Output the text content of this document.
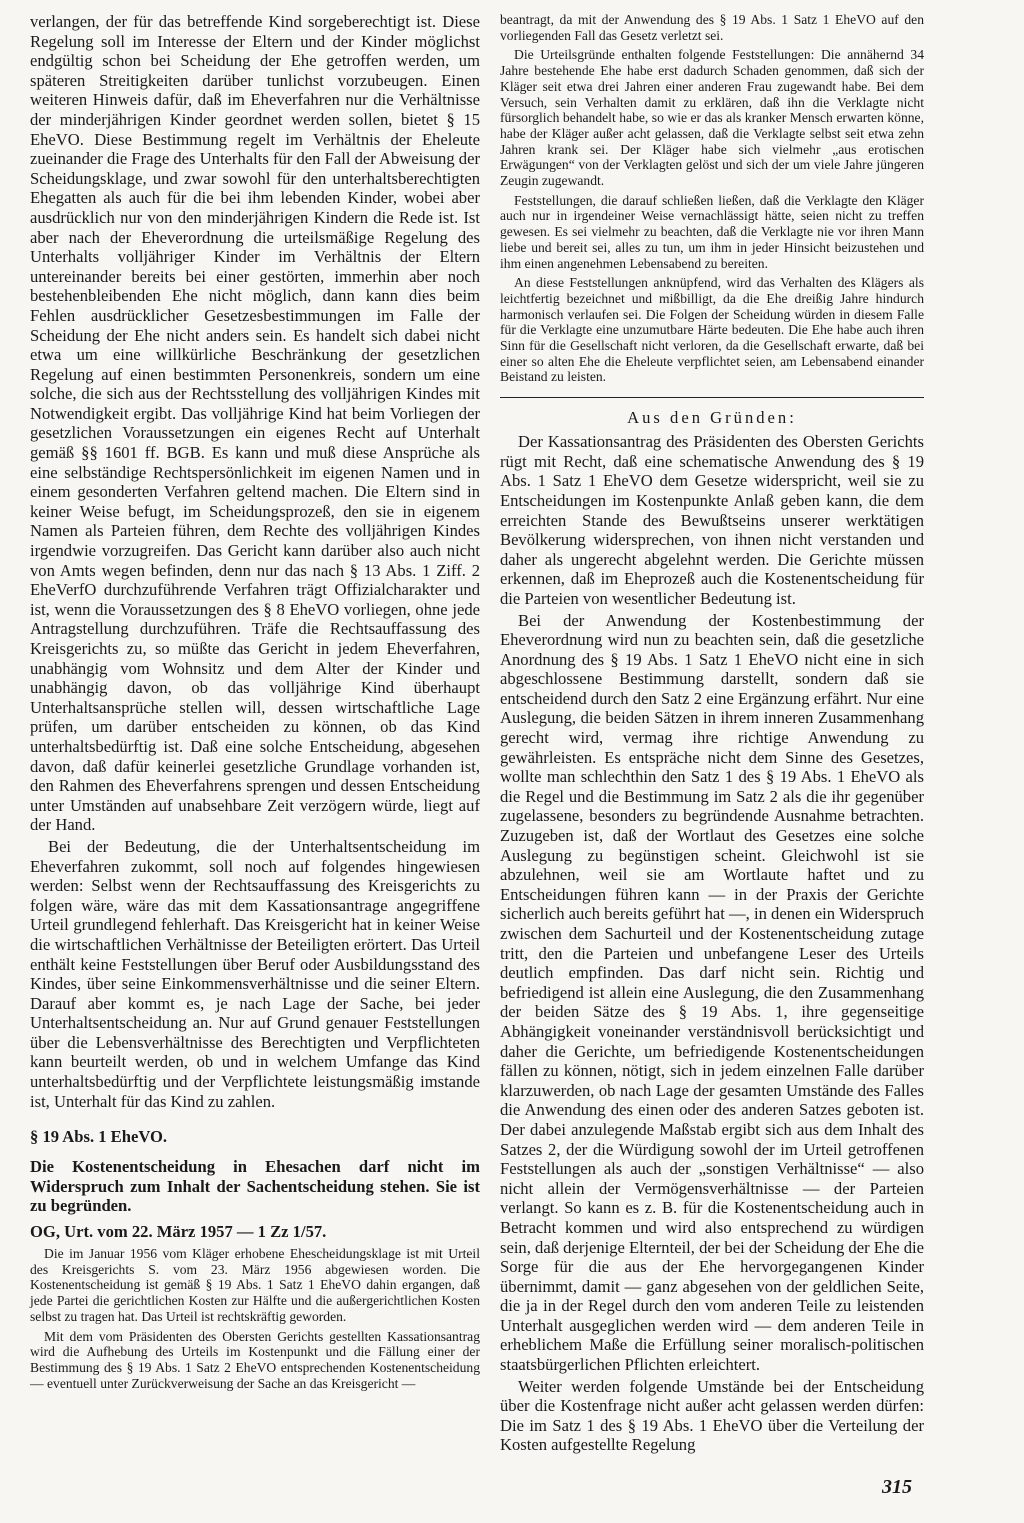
verlangen, der für das betreffende Kind sorgeberechtigt ist. Diese Regelung soll im Interesse der Eltern und der Kinder möglichst endgültig schon bei Scheidung der Ehe getroffen werden, um späteren Streitigkeiten darüber tunlichst vorzubeugen. Einen weiteren Hinweis dafür, daß im Eheverfahren nur die Verhältnisse der minderjährigen Kinder geordnet werden sollen, bietet § 15 EheVO. Diese Bestimmung regelt im Verhältnis der Eheleute zueinander die Frage des Unterhalts für den Fall der Abweisung der Scheidungsklage, und zwar sowohl für den unterhaltsberechtigten Ehegatten als auch für die bei ihm lebenden Kinder, wobei aber ausdrücklich nur von den minderjährigen Kindern die Rede ist. Ist aber nach der Eheverordnung die urteilsmäßige Regelung des Unterhalts volljähriger Kinder im Verhältnis der Eltern untereinander bereits bei einer gestörten, immerhin aber noch bestehenbleibenden Ehe nicht möglich, dann kann dies beim Fehlen ausdrücklicher Gesetzesbestimmungen im Falle der Scheidung der Ehe nicht anders sein. Es handelt sich dabei nicht etwa um eine willkürliche Beschränkung der gesetzlichen Regelung auf einen bestimmten Personenkreis, sondern um eine solche, die sich aus der Rechtsstellung des volljährigen Kindes mit Notwendigkeit ergibt. Das volljährige Kind hat beim Vorliegen der gesetzlichen Voraussetzungen ein eigenes Recht auf Unterhalt gemäß §§ 1601 ff. BGB. Es kann und muß diese Ansprüche als eine selbständige Rechtspersönlichkeit im eigenen Namen und in einem gesonderten Verfahren geltend machen. Die Eltern sind in keiner Weise befugt, im Scheidungsprozeß, den sie in eigenem Namen als Parteien führen, dem Rechte des volljährigen Kindes irgendwie vorzugreifen. Das Gericht kann darüber also auch nicht von Amts wegen befinden, denn nur das nach § 13 Abs. 1 Ziff. 2 EheVerfO durchzuführende Verfahren trägt Offizialcharakter und ist, wenn die Voraussetzungen des § 8 EheVO vorliegen, ohne jede Antragstellung durchzuführen. Träfe die Rechtsauffassung des Kreisgerichts zu, so müßte das Gericht in jedem Eheverfahren, unabhängig vom Wohnsitz und dem Alter der Kinder und unabhängig davon, ob das volljährige Kind überhaupt Unterhaltsansprüche stellen will, dessen wirtschaftliche Lage prüfen, um darüber entscheiden zu können, ob das Kind unterhaltsbedürftig ist. Daß eine solche Entscheidung, abgesehen davon, daß dafür keinerlei gesetzliche Grundlage vorhanden ist, den Rahmen des Eheverfahrens sprengen und dessen Entscheidung unter Umständen auf unabsehbare Zeit verzögern würde, liegt auf der Hand.

Bei der Bedeutung, die der Unterhaltsentscheidung im Eheverfahren zukommt, soll noch auf folgendes hingewiesen werden: Selbst wenn der Rechtsauffassung des Kreisgerichts zu folgen wäre, wäre das mit dem Kassationsantrage angegriffene Urteil grundlegend fehlerhaft. Das Kreisgericht hat in keiner Weise die wirtschaftlichen Verhältnisse der Beteiligten erörtert. Das Urteil enthält keine Feststellungen über Beruf oder Ausbildungsstand des Kindes, über seine Einkommensverhältnisse und die seiner Eltern. Darauf aber kommt es, je nach Lage der Sache, bei jeder Unterhaltsentscheidung an. Nur auf Grund genauer Feststellungen über die Lebensverhältnisse des Berechtigten und Verpflichteten kann beurteilt werden, ob und in welchem Umfange das Kind unterhaltsbedürftig und der Verpflichtete leistungsmäßig imstande ist, Unterhalt für das Kind zu zahlen.

§ 19 Abs. 1 EheVO.
Die Kostenentscheidung in Ehesachen darf nicht im Widerspruch zum Inhalt der Sachentscheidung stehen. Sie ist zu begründen.
OG, Urt. vom 22. März 1957 — 1 Zz 1/57.

Die im Januar 1956 vom Kläger erhobene Ehescheidungsklage ist mit Urteil des Kreisgerichts S. vom 23. März 1956 abgewiesen worden. Die Kostenentscheidung ist gemäß § 19 Abs. 1 Satz 1 EheVO dahin ergangen, daß jede Partei die gerichtlichen Kosten zur Hälfte und die außergerichtlichen Kosten selbst zu tragen hat. Das Urteil ist rechtskräftig geworden.

Mit dem vom Präsidenten des Obersten Gerichts gestellten Kassationsantrag wird die Aufhebung des Urteils im Kostenpunkt und die Fällung einer der Bestimmung des § 19 Abs. 1 Satz 2 EheVO entsprechenden Kostenentscheidung — eventuell unter Zurückverweisung der Sache an das Kreisgericht —

beantragt, da mit der Anwendung des § 19 Abs. 1 Satz 1 EheVO auf den vorliegenden Fall das Gesetz verletzt sei.

Die Urteilsgründe enthalten folgende Feststellungen: Die annähernd 34 Jahre bestehende Ehe habe erst dadurch Schaden genommen, daß sich der Kläger seit etwa drei Jahren einer anderen Frau zugewandt habe. Bei dem Versuch, sein Verhalten damit zu erklären, daß ihn die Verklagte nicht fürsorglich behandelt habe, so wie er das als kranker Mensch erwarten könne, habe der Kläger außer acht gelassen, daß die Verklagte selbst seit etwa zehn Jahren krank sei. Der Kläger habe sich vielmehr „aus erotischen Erwägungen“ von der Verklagten gelöst und sich der um viele Jahre jüngeren Zeugin zugewandt.

Feststellungen, die darauf schließen ließen, daß die Verklagte den Kläger auch nur in irgendeiner Weise vernachlässigt hätte, seien nicht zu treffen gewesen. Es sei vielmehr zu beachten, daß die Verklagte nie vor ihren Mann liebe und bereit sei, alles zu tun, um ihm in jeder Hinsicht beizustehen und ihm einen angenehmen Lebensabend zu bereiten.

An diese Feststellungen anknüpfend, wird das Verhalten des Klägers als leichtfertig bezeichnet und mißbilligt, da die Ehe dreißig Jahre hindurch harmonisch verlaufen sei. Die Folgen der Scheidung würden in diesem Falle für die Verklagte eine unzumutbare Härte bedeuten. Die Ehe habe auch ihren Sinn für die Gesellschaft nicht verloren, da die Gesellschaft erwarte, daß bei einer so alten Ehe die Eheleute verpflichtet seien, am Lebensabend einander Beistand zu leisten.

Aus den Gründen:

Der Kassationsantrag des Präsidenten des Obersten Gerichts rügt mit Recht, daß eine schematische Anwendung des § 19 Abs. 1 Satz 1 EheVO dem Gesetze widerspricht, weil sie zu Entscheidungen im Kostenpunkte Anlaß geben kann, die dem erreichten Stande des Bewußtseins unserer werktätigen Bevölkerung widersprechen, von ihnen nicht verstanden und daher als ungerecht abgelehnt werden. Die Gerichte müssen erkennen, daß im Eheprozeß auch die Kostenentscheidung für die Parteien von wesentlicher Bedeutung ist.

Bei der Anwendung der Kostenbestimmung der Eheverordnung wird nun zu beachten sein, daß die gesetzliche Anordnung des § 19 Abs. 1 Satz 1 EheVO nicht eine in sich abgeschlossene Bestimmung darstellt, sondern daß sie entscheidend durch den Satz 2 eine Ergänzung erfährt. Nur eine Auslegung, die beiden Sätzen in ihrem inneren Zusammenhang gerecht wird, vermag ihre richtige Anwendung zu gewährleisten. Es entspräche nicht dem Sinne des Gesetzes, wollte man schlechthin den Satz 1 des § 19 Abs. 1 EheVO als die Regel und die Bestimmung im Satz 2 als die ihr gegenüber zugelassene, besonders zu begründende Ausnahme betrachten. Zuzugeben ist, daß der Wortlaut des Gesetzes eine solche Auslegung zu begünstigen scheint. Gleichwohl ist sie abzulehnen, weil sie am Wortlaute haftet und zu Entscheidungen führen kann — in der Praxis der Gerichte sicherlich auch bereits geführt hat —, in denen ein Widerspruch zwischen dem Sachurteil und der Kostenentscheidung zutage tritt, den die Parteien und unbefangene Leser des Urteils deutlich empfinden. Das darf nicht sein. Richtig und befriedigend ist allein eine Auslegung, die den Zusammenhang der beiden Sätze des § 19 Abs. 1, ihre gegenseitige Abhängigkeit voneinander verständnisvoll berücksichtigt und daher die Gerichte, um befriedigende Kostenentscheidungen fällen zu können, nötigt, sich in jedem einzelnen Falle darüber klarzuwerden, ob nach Lage der gesamten Umstände des Falles die Anwendung des einen oder des anderen Satzes geboten ist. Der dabei anzulegende Maßstab ergibt sich aus dem Inhalt des Satzes 2, der die Würdigung sowohl der im Urteil getroffenen Feststellungen als auch der „sonstigen Verhältnisse“ — also nicht allein der Vermögensverhältnisse — der Parteien verlangt. So kann es z. B. für die Kostenentscheidung auch in Betracht kommen und wird also entsprechend zu würdigen sein, daß derjenige Elternteil, der bei der Scheidung der Ehe die Sorge für die aus der Ehe hervorgegangenen Kinder übernimmt, damit — ganz abgesehen von der geldlichen Seite, die ja in der Regel durch den vom anderen Teile zu leistenden Unterhalt ausgeglichen werden wird — dem anderen Teile in erheblichem Maße die Erfüllung seiner moralisch-politischen staatsbürgerlichen Pflichten erleichtert.

Weiter werden folgende Umstände bei der Entscheidung über die Kostenfrage nicht außer acht gelassen werden dürfen: Die im Satz 1 des § 19 Abs. 1 EheVO über die Verteilung der Kosten aufgestellte Regelung

315
